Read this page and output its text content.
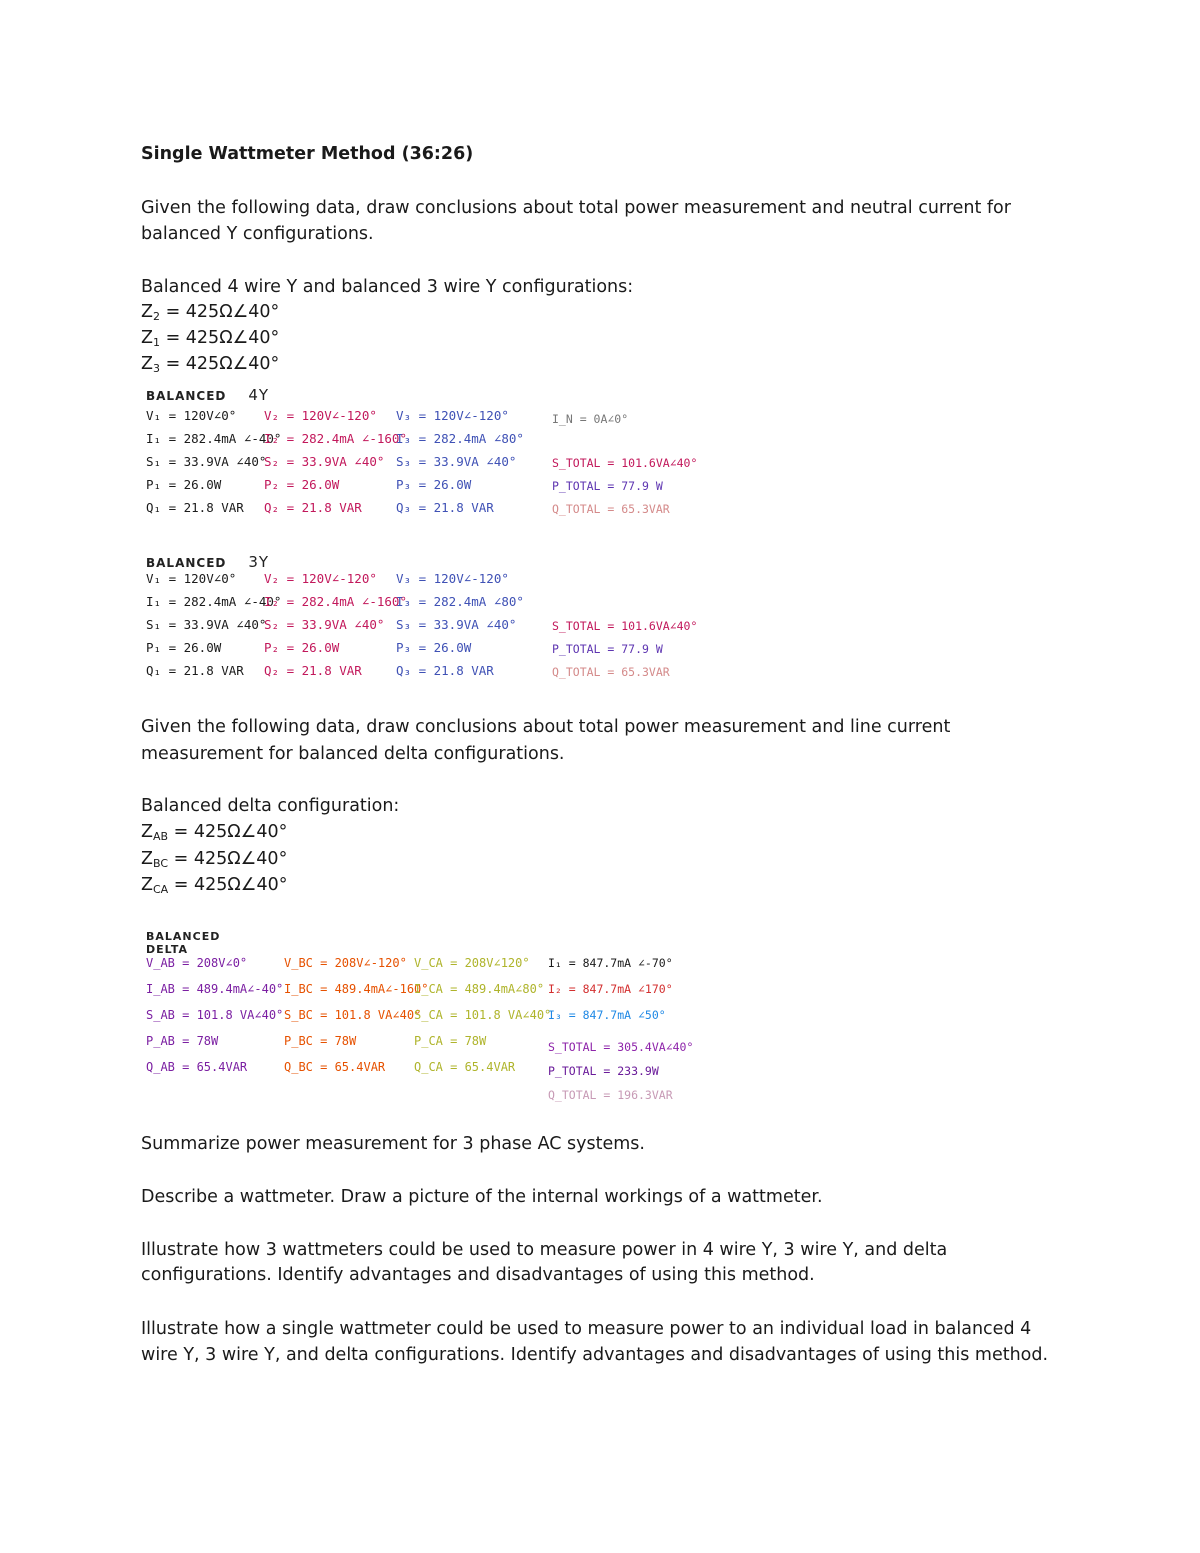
Single Wattmeter Method (36:26)
Given the following data, draw conclusions about total power measurement and neutral current for
balanced Y configurations.
Balanced 4 wire Y and balanced 3 wire Y configurations:
$Z_2$ = 425Ω∠40°
$Z_1$ = 425Ω∠40°
$Z_3$ = 425Ω∠40°
BALANCED 4Y
V₁ = 120V∠0°
I₁ = 282.4mA ∠-40°
S₁ = 33.9VA ∠40°
P₁ = 26.0W
Q₁ = 21.8 VAR
V₂ = 120V∠-120°
I₂ = 282.4mA ∠-160°
S₂ = 33.9VA ∠40°
P₂ = 26.0W
Q₂ = 21.8 VAR
V₃ = 120V∠-120°
I₃ = 282.4mA ∠80°
S₃ = 33.9VA ∠40°
P₃ = 26.0W
Q₃ = 21.8 VAR
I_N = 0A∠0°
S_TOTAL = 101.6VA∠40°
P_TOTAL = 77.9 W
Q_TOTAL = 65.3VAR
BALANCED 3Y
V₁ = 120V∠0°
I₁ = 282.4mA ∠-40°
S₁ = 33.9VA ∠40°
P₁ = 26.0W
Q₁ = 21.8 VAR
V₂ = 120V∠-120°
I₂ = 282.4mA ∠-160°
S₂ = 33.9VA ∠40°
P₂ = 26.0W
Q₂ = 21.8 VAR
V₃ = 120V∠-120°
I₃ = 282.4mA ∠80°
S₃ = 33.9VA ∠40°
P₃ = 26.0W
Q₃ = 21.8 VAR
S_TOTAL = 101.6VA∠40°
P_TOTAL = 77.9 W
Q_TOTAL = 65.3VAR
Given the following data, draw conclusions about total power measurement and line current
measurement for balanced delta configurations.
Balanced delta configuration:
$Z_{AB}$ = 425Ω∠40°
$Z_{BC}$ = 425Ω∠40°
$Z_{CA}$ = 425Ω∠40°
BALANCED DELTA
V_AB = 208V∠0°
I_AB = 489.4mA∠-40°
S_AB = 101.8 VA∠40°
P_AB = 78W
Q_AB = 65.4VAR
V_BC = 208V∠-120°
I_BC = 489.4mA∠-160°
S_BC = 101.8 VA∠40°
P_BC = 78W
Q_BC = 65.4VAR
V_CA = 208V∠120°
I_CA = 489.4mA∠80°
S_CA = 101.8 VA∠40°
P_CA = 78W
Q_CA = 65.4VAR
I₁ = 847.7mA ∠-70°
I₂ = 847.7mA ∠170°
I₃ = 847.7mA ∠50°
S_TOTAL = 305.4VA∠40°
P_TOTAL = 233.9W
Q_TOTAL = 196.3VAR
Summarize power measurement for 3 phase AC systems.
Describe a wattmeter. Draw a picture of the internal workings of a wattmeter.
Illustrate how 3 wattmeters could be used to measure power in 4 wire Y, 3 wire Y, and delta
configurations. Identify advantages and disadvantages of using this method.
Illustrate how a single wattmeter could be used to measure power to an individual load in balanced 4
wire Y, 3 wire Y, and delta configurations. Identify advantages and disadvantages of using this method.
